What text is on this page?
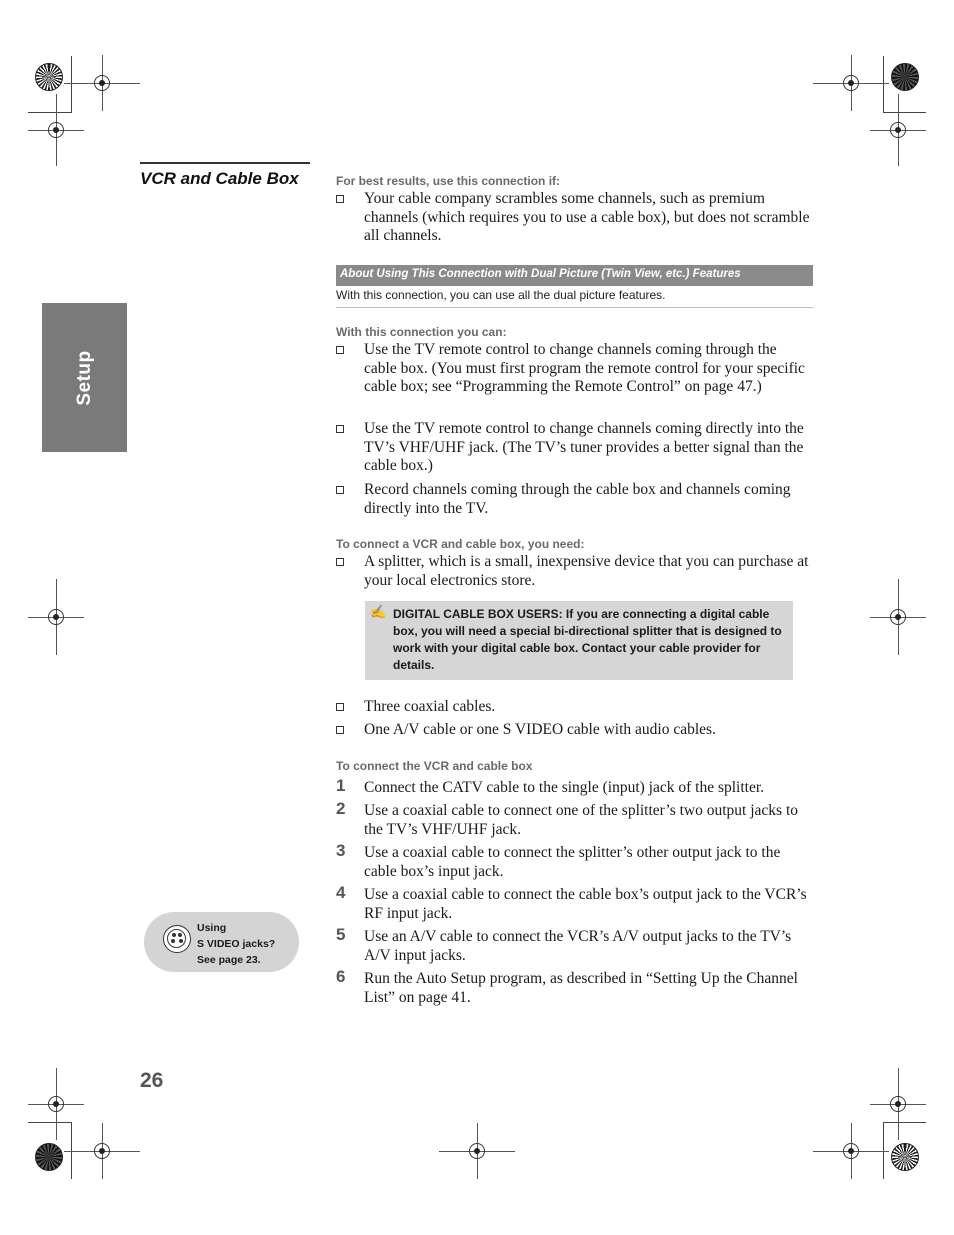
Setup
VCR and Cable Box	For best results, use this connection if:
Your cable company scrambles some channels, such as premium channels (which requires you to use a cable box), but does not scramble all channels.
About Using This Connection with Dual Picture (Twin View, etc.) Features
With this connection, you can use all the dual picture features.
With this connection you can:
Use the TV remote control to change channels coming through the cable box. (You must first program the remote control for your specific cable box; see “Programming the Remote Control” on page 47.)
Use the TV remote control to change channels coming directly into the TV’s VHF/UHF jack. (The TV’s tuner provides a better signal than the cable box.)
Record channels coming through the cable box and channels coming directly into the TV.
To connect a VCR and cable box, you need:
A splitter, which is a small, inexpensive device that you can purchase at your local electronics store.
✍ DIGITAL CABLE BOX USERS: If you are connecting a digital cable box, you will need a special bi-directional splitter that is designed to work with your digital cable box. Contact your cable provider for details.
Three coaxial cables.
One A/V cable or one S VIDEO cable with audio cables.
To connect the VCR and cable box
1 Connect the CATV cable to the single (input) jack of the splitter.
2 Use a coaxial cable to connect one of the splitter’s two output jacks to the TV’s VHF/UHF jack.
3 Use a coaxial cable to connect the splitter’s other output jack to the cable box’s input jack.
4 Use a coaxial cable to connect the cable box’s output jack to the VCR’s RF input jack.
5 Use an A/V cable to connect the VCR’s A/V output jacks to the TV’s A/V input jacks.
6 Run the Auto Setup program, as described in “Setting Up the Channel List” on page 41.
Using
S VIDEO jacks?
See page 23.
26
